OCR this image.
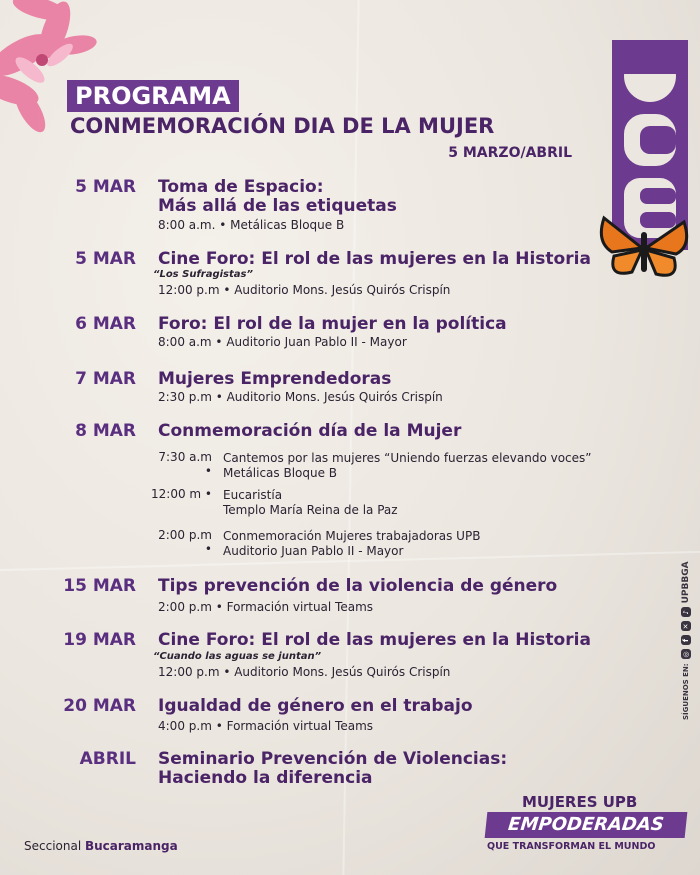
PROGRAMA
CONMEMORACIÓN DIA DE LA MUJER
5 MARZO/ABRIL
5 MAR Toma de Espacio:
Más allá de las etiquetas
8:00 a.m. • Metálicas Bloque B
5 MAR Cine Foro: El rol de las mujeres en la Historia
“Los Sufragistas”
12:00 p.m • Auditorio Mons. Jesús Quirós Crispín
6 MAR Foro: El rol de la mujer en la política
8:00 a.m • Auditorio Juan Pablo II - Mayor
7 MAR Mujeres Emprendedoras
2:30 p.m • Auditorio Mons. Jesús Quirós Crispín
8 MAR Conmemoración día de la Mujer
7:30 a.m •
Cantemos por las mujeres “Uniendo fuerzas elevando voces”
Metálicas Bloque B
12:00 m • Eucaristía
Templo María Reina de la Paz
2:00 p.m •
Conmemoración Mujeres trabajadoras UPB
Auditorio Juan Pablo II - Mayor
15 MAR Tips prevención de la violencia de género
2:00 p.m • Formación virtual Teams
19 MAR Cine Foro: El rol de las mujeres en la Historia
“Cuando las aguas se juntan”
12:00 p.m • Auditorio Mons. Jesús Quirós Crispín
20 MAR Igualdad de género en el trabajo
4:00 p.m • Formación virtual Teams
ABRIL Seminario Prevención de Violencias:
Haciendo la diferencia
Seccional Bucaramanga
MUJERES UPB
EMPODERADAS
QUE TRANSFORMAN EL MUNDO
SÍGUENOS EN:
◎
f
✕
♪
UPBBGA
